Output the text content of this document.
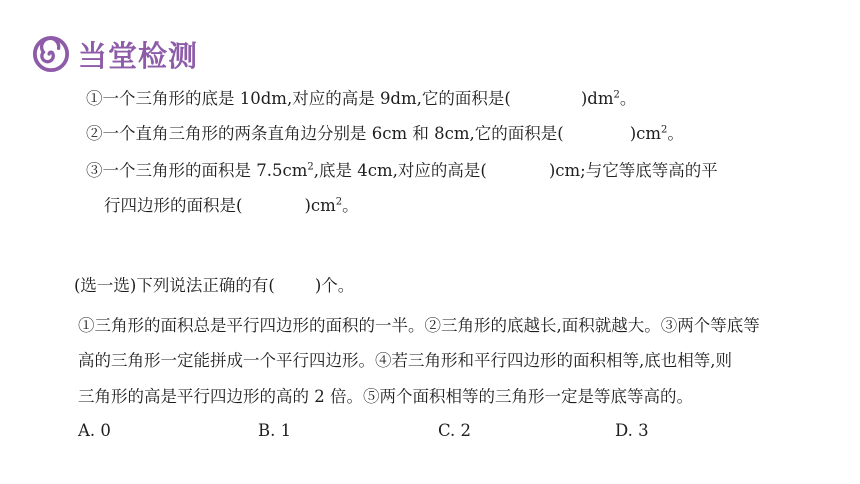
当堂检测
①一个三角形的底是 10dm,对应的高是 9dm,它的面积是(	)$dm^2$。
②一个直角三角形的两条直角边分别是 6cm 和 8cm,它的面积是(	)$cm^2$。
③一个三角形的面积是 $7.5cm^2$,底是 4cm,对应的高是(	)cm;与它等底等高的平
行四边形的面积是(	)$cm^2$。
(选一选)下列说法正确的有( )个。
①三角形的面积总是平行四边形的面积的一半。②三角形的底越长,面积就越大。③两个等底等
高的三角形一定能拼成一个平行四边形。④若三角形和平行四边形的面积相等,底也相等,则
三角形的高是平行四边形的高的 2 倍。⑤两个面积相等的三角形一定是等底等高的。
A. 0	B. 1	C. 2	D. 3
